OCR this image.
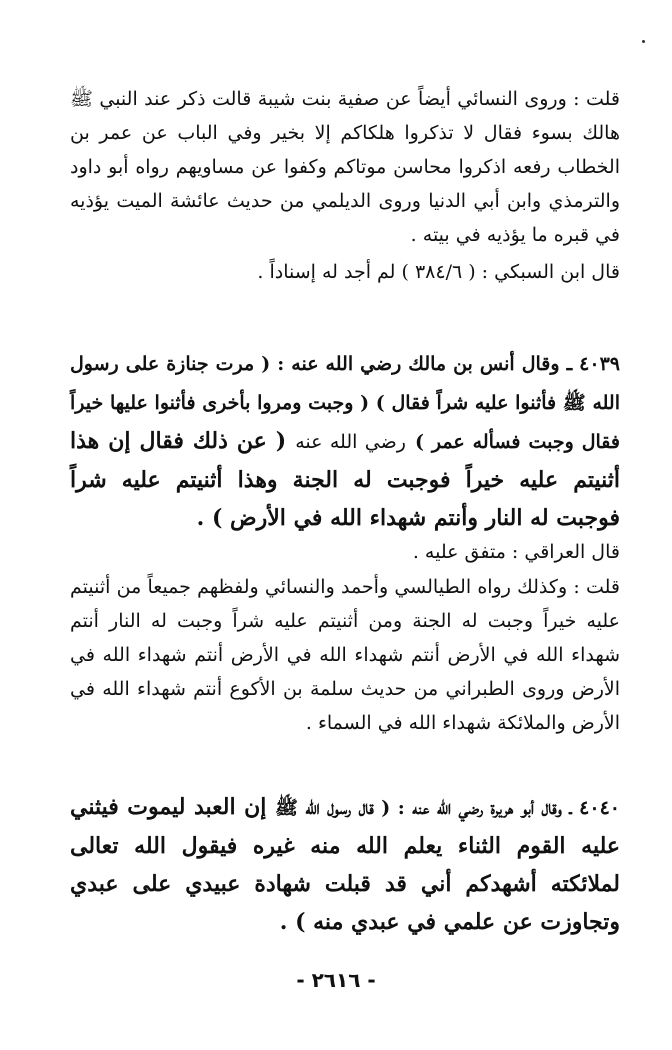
قلت : وروى النسائي أيضاً عن صفية بنت شيبة قالت ذكر عند النبي ﷺ هالك بسوء فقال لا تذكروا هلكاكم إلا بخير وفي الباب عن عمر بن الخطاب رفعه اذكروا محاسن موتاكم وكفوا عن مساويهم رواه أبو داود والترمذي وابن أبي الدنيا وروى الديلمي من حديث عائشة الميت يؤذيه في قبره ما يؤذيه في بيته .

قال ابن السبكي : ( ٣٨٤/٦ ) لم أجد له إسناداً .

٤٠٣٩ ـ وقال أنس بن مالك رضي الله عنه : ( مرت جنازة على رسول الله ﷺ فأثنوا عليه شراً فقال ) ( وجبت ومروا بأخرى فأثنوا عليها خيراً فقال وجبت فسأله عمر ) رضي الله عنه ( عن ذلك فقال إن هذا أثنيتم عليه خيراً فوجبت له الجنة وهذا أثنيتم عليه شراً فوجبت له النار وأنتم شهداء الله في الأرض ) .

قال العراقي : متفق عليه .

قلت : وكذلك رواه الطيالسي وأحمد والنسائي ولفظهم جميعاً من أثنيتم عليه خيراً وجبت له الجنة ومن أثنيتم عليه شراً وجبت له النار أنتم شهداء الله في الأرض أنتم شهداء الله في الأرض أنتم شهداء الله في الأرض وروى الطبراني من حديث سلمة بن الأكوع أنتم شهداء الله في الأرض والملائكة شهداء الله في السماء .

٤٠٤٠ ـ وقال أبو هريرة رضي الله عنه : ( قال رسول الله ﷺ إن العبد ليموت فيثني عليه القوم الثناء يعلم الله منه غيره فيقول الله تعالى لملائكته أشهدكم أني قد قبلت شهادة عبيدي على عبدي وتجاوزت عن علمي في عبدي منه ) .

- ٢٦١٦ -
